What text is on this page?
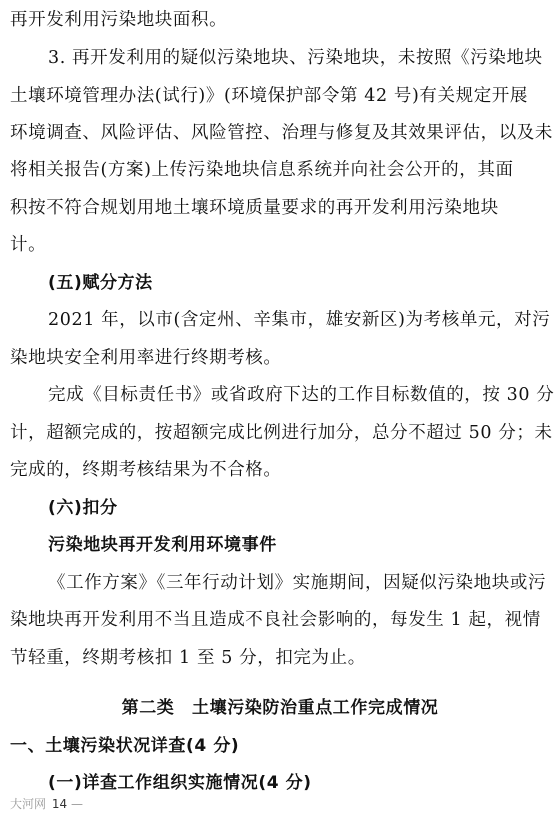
再开发利用污染地块面积。
3. 再开发利用的疑似污染地块、污染地块，未按照《污染地块
土壤环境管理办法(试行)》(环境保护部令第 42 号)有关规定开展
环境调查、风险评估、风险管控、治理与修复及其效果评估，以及未
将相关报告(方案)上传污染地块信息系统并向社会公开的，其面
积按不符合规划用地土壤环境质量要求的再开发利用污染地块
计。
(五)赋分方法
2021 年，以市(含定州、辛集市，雄安新区)为考核单元，对污
染地块安全利用率进行终期考核。
完成《目标责任书》或省政府下达的工作目标数值的，按 30 分
计，超额完成的，按超额完成比例进行加分，总分不超过 50 分；未
完成的，终期考核结果为不合格。
(六)扣分
污染地块再开发利用环境事件
《工作方案》《三年行动计划》实施期间，因疑似污染地块或污
染地块再开发利用不当且造成不良社会影响的，每发生 1 起，视情
节轻重，终期考核扣 1 至 5 分，扣完为止。
第二类　土壤污染防治重点工作完成情况
一、土壤污染状况详查(4 分)
(一)详查工作组织实施情况(4 分)
大河网 14 —
